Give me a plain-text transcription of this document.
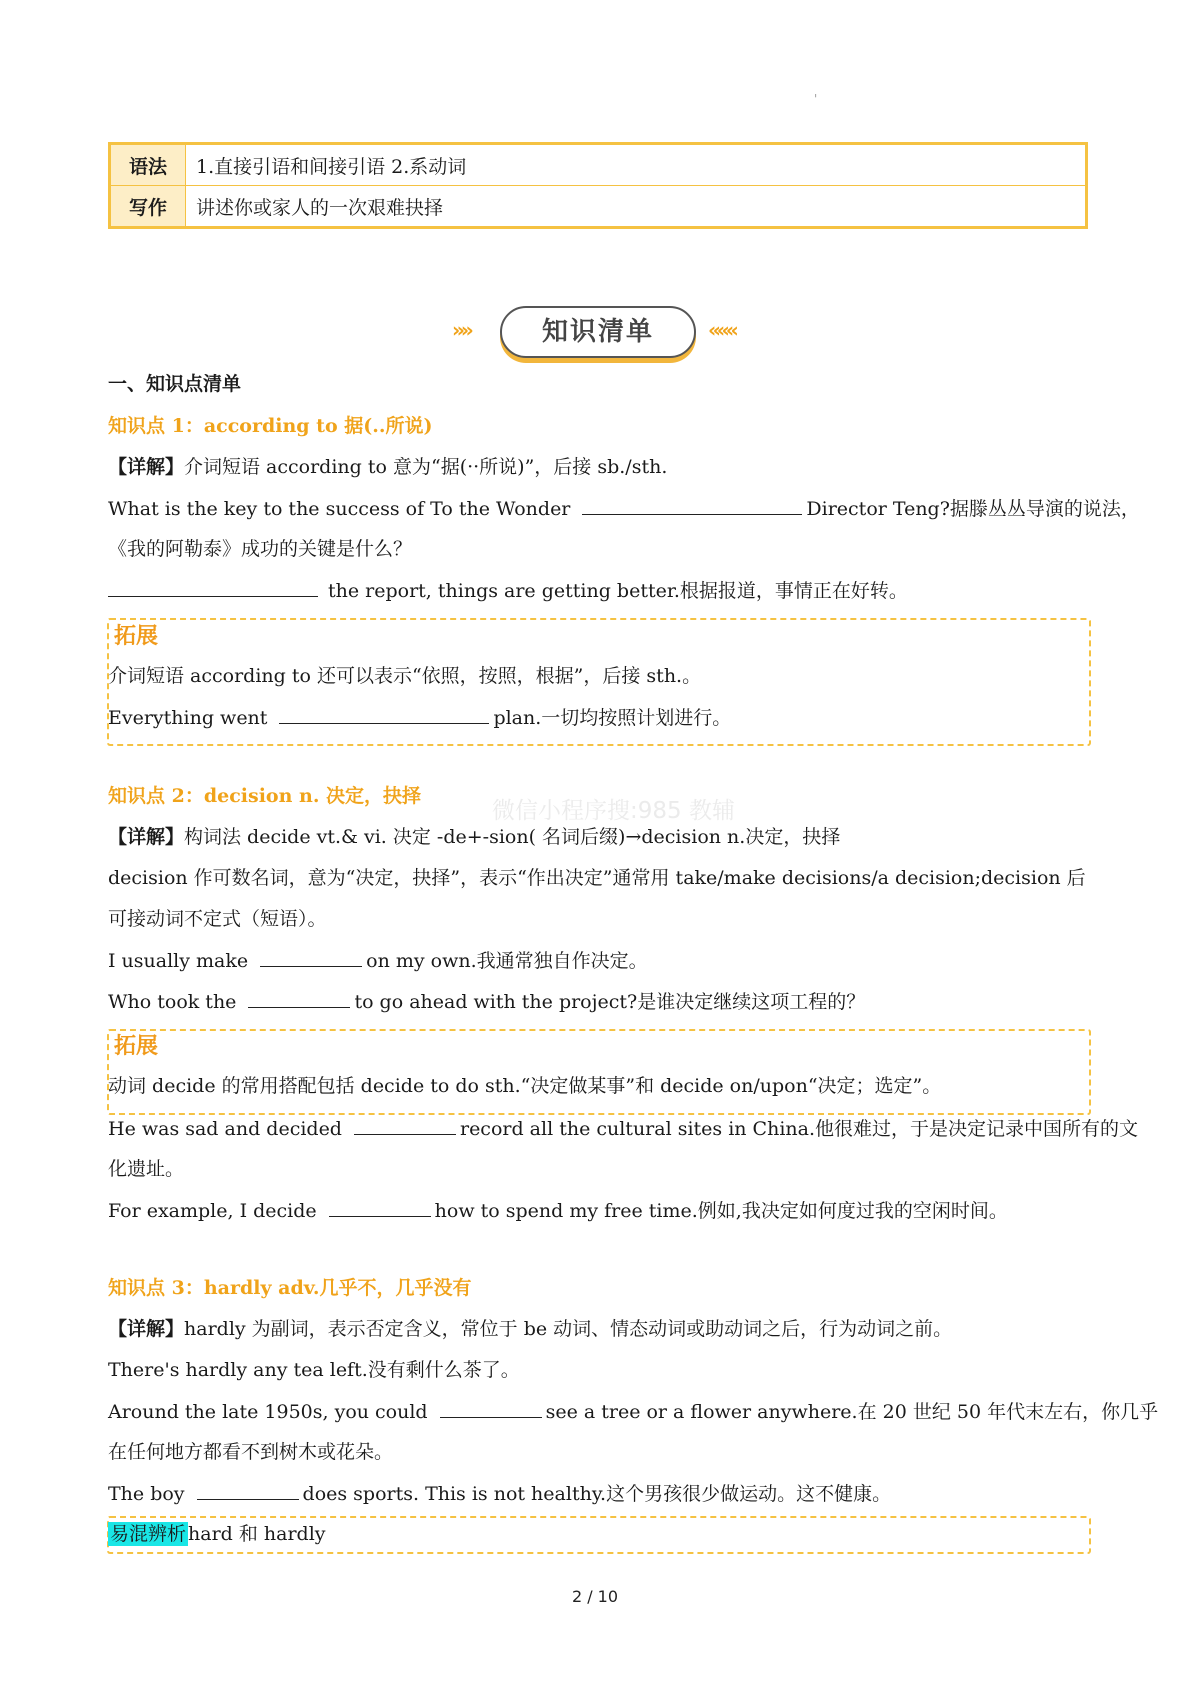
'
语法	1.直接引语和间接引语 2.系动词
写作	讲述你或家人的一次艰难抉择
»»	知识清单	«««
微信小程序搜:985 教辅
一、知识点清单
知识点 1：according to 据(..所说)
【详解】介词短语 according to 意为“据(··所说)”，后接 sb./sth.
What is the key to the success of To the Wonder	Director Teng?据滕丛丛导演的说法，
《我的阿勒泰》成功的关键是什么？
the report, things are getting better.根据报道，事情正在好转。
拓展
介词短语 according to 还可以表示“依照，按照，根据”，后接 sth.。
Everything went	plan.一切均按照计划进行。
知识点 2：decision n. 决定，抉择
【详解】构词法 decide vt.& vi. 决定 -de+-sion( 名词后缀)→decision n.决定，抉择
decision 作可数名词，意为“决定，抉择”，表示“作出决定”通常用 take/make decisions/a decision;decision 后
可接动词不定式（短语）。
I usually make	on my own.我通常独自作决定。
Who took the	to go ahead with the project?是谁决定继续这项工程的？
拓展
动词 decide 的常用搭配包括 decide to do sth.“决定做某事”和 decide on/upon“决定；选定”。
He was sad and decided	record all the cultural sites in China.他很难过，于是决定记录中国所有的文
化遗址。
For example, I decide	how to spend my free time.例如,我决定如何度过我的空闲时间。
知识点 3：hardly adv.几乎不，几乎没有
【详解】hardly 为副词，表示否定含义，常位于 be 动词、情态动词或助动词之后，行为动词之前。
There's hardly any tea left.没有剩什么茶了。
Around the late 1950s, you could	see a tree or a flower anywhere.在 20 世纪 50 年代末左右，你几乎
在任何地方都看不到树木或花朵。
The boy	does sports. This is not healthy.这个男孩很少做运动。这不健康。
易混辨析 hard 和 hardly
2 / 10
